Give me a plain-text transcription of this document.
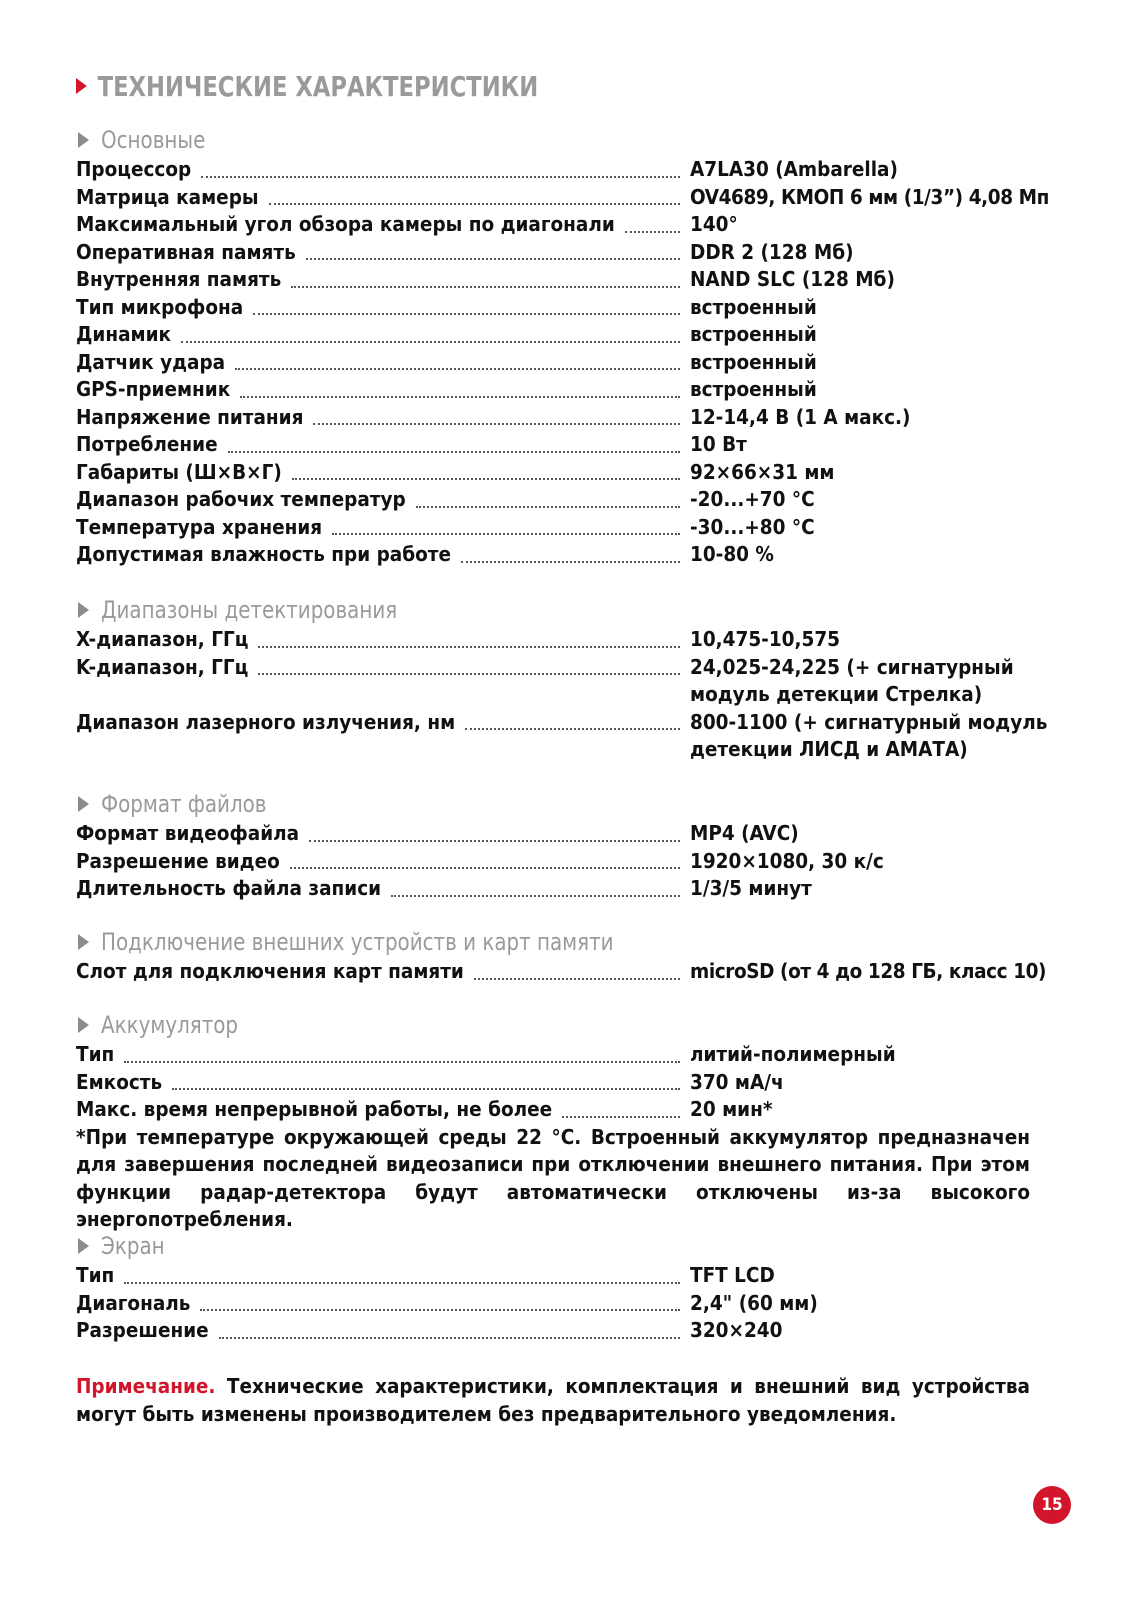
ТЕХНИЧЕСКИЕ ХАРАКТЕРИСТИКИ
Основные
Процессор	A7LA30 (Ambarella)
Матрица камеры	OV4689, КМОП 6 мм (1/3”) 4,08 Мп
Максимальный угол обзора камеры по диагонали	140°
Оперативная память	DDR 2 (128 Мб)
Внутренняя память	NAND SLC (128 Мб)
Тип микрофона	встроенный
Динамик	встроенный
Датчик удара	встроенный
GPS-приемник	встроенный
Напряжение питания	12-14,4 В (1 А макс.)
Потребление	10 Вт
Габариты (Ш×В×Г)	92×66×31 мм
Диапазон рабочих температур	-20...+70 °С
Температура хранения	-30...+80 °С
Допустимая влажность при работе	10-80 %
Диапазоны детектирования
X-диапазон, ГГц	10,475-10,575
K-диапазон, ГГц	24,025-24,225 (+ сигнатурный модуль детекции Стрелка)
Диапазон лазерного излучения, нм	800-1100 (+ сигнатурный модуль детекции ЛИСД и АМАТА)
Формат файлов
Формат видеофайла	MP4 (AVC)
Разрешение видео	1920×1080, 30 к/с
Длительность файла записи	1/3/5 минут
Подключение внешних устройств и карт памяти
Слот для подключения карт памяти	microSD (от 4 до 128 ГБ, класс 10)
Аккумулятор
Тип	литий-полимерный
Емкость	370 мА/ч
Макс. время непрерывной работы, не более	20 мин*
*При температуре окружающей среды 22 °С. Встроенный аккумулятор предназначен для завершения последней видеозаписи при отключении внешнего питания. При этом функции радар-детектора будут автоматически отключены из-за высокого энергопотребления.
Экран
Тип	TFT LCD
Диагональ	2,4" (60 мм)
Разрешение	320×240
Примечание. Технические характеристики, комплектация и внешний вид устройства могут быть изменены производителем без предварительного уведомления.
15
